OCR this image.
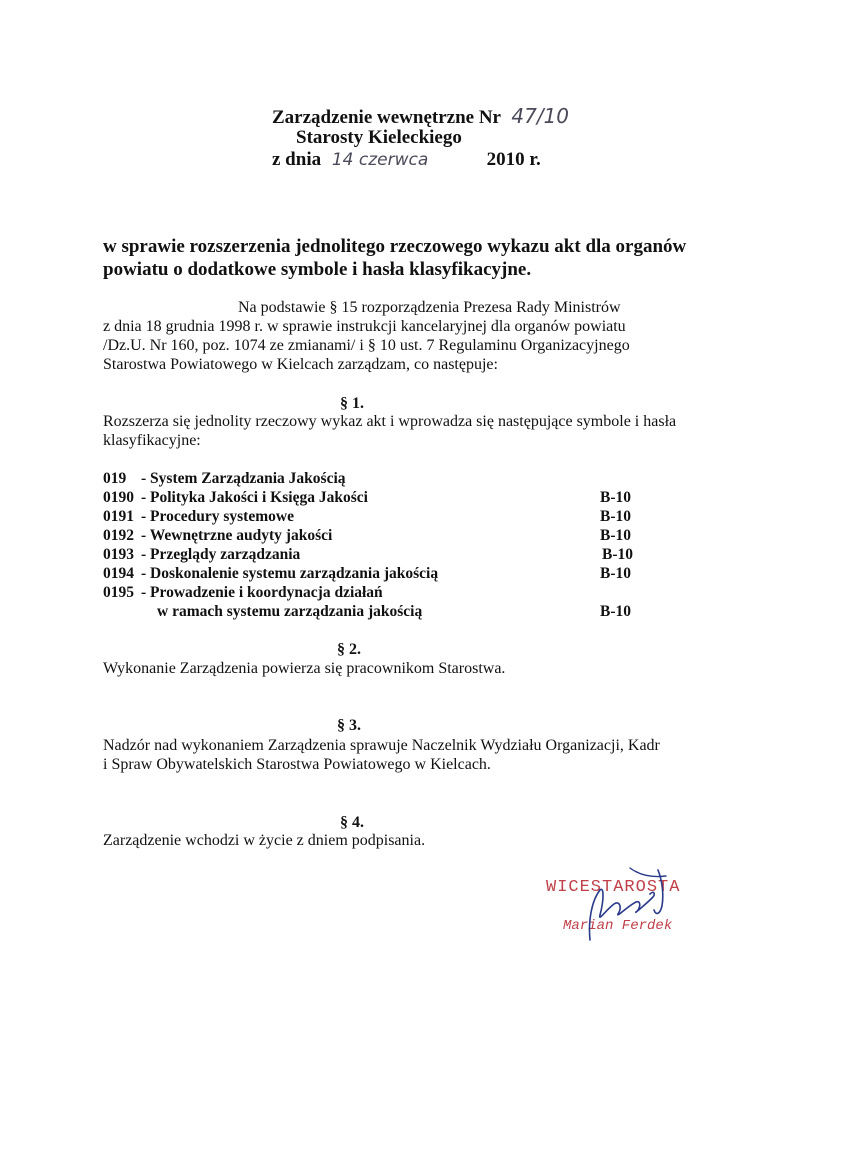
Zarządzenie wewnętrzne Nr 47/10
Starosty Kieleckiego
z dnia 14 czerwca	2010 r.
w sprawie rozszerzenia jednolitego rzeczowego wykazu akt dla organów
powiatu o dodatkowe symbole i hasła klasyfikacyjne.
Na podstawie § 15 rozporządzenia Prezesa Rady Ministrów
z dnia 18 grudnia 1998 r. w sprawie instrukcji kancelaryjnej dla organów powiatu
/Dz.U. Nr 160, poz. 1074 ze zmianami/ i § 10 ust. 7 Regulaminu Organizacyjnego
Starostwa Powiatowego w Kielcach zarządzam, co następuje:
§ 1.
Rozszerza się jednolity rzeczowy wykaz akt i wprowadza się następujące symbole i hasła
klasyfikacyjne:
019 - System Zarządzania Jakością
0190 - Polityka Jakości i Księga Jakości	B-10
0191 - Procedury systemowe	B-10
0192 - Wewnętrzne audyty jakości	B-10
0193 - Przeglądy zarządzania	B-10
0194 - Doskonalenie systemu zarządzania jakością	B-10
0195 - Prowadzenie i koordynacja działań
w ramach systemu zarządzania jakością	B-10
§ 2.
Wykonanie Zarządzenia powierza się pracownikom Starostwa.
§ 3.
Nadzór nad wykonaniem Zarządzenia sprawuje Naczelnik Wydziału Organizacji, Kadr
i Spraw Obywatelskich Starostwa Powiatowego w Kielcach.
§ 4.
Zarządzenie wchodzi w życie z dniem podpisania.
WICESTAROSTA
Marian Ferdek
